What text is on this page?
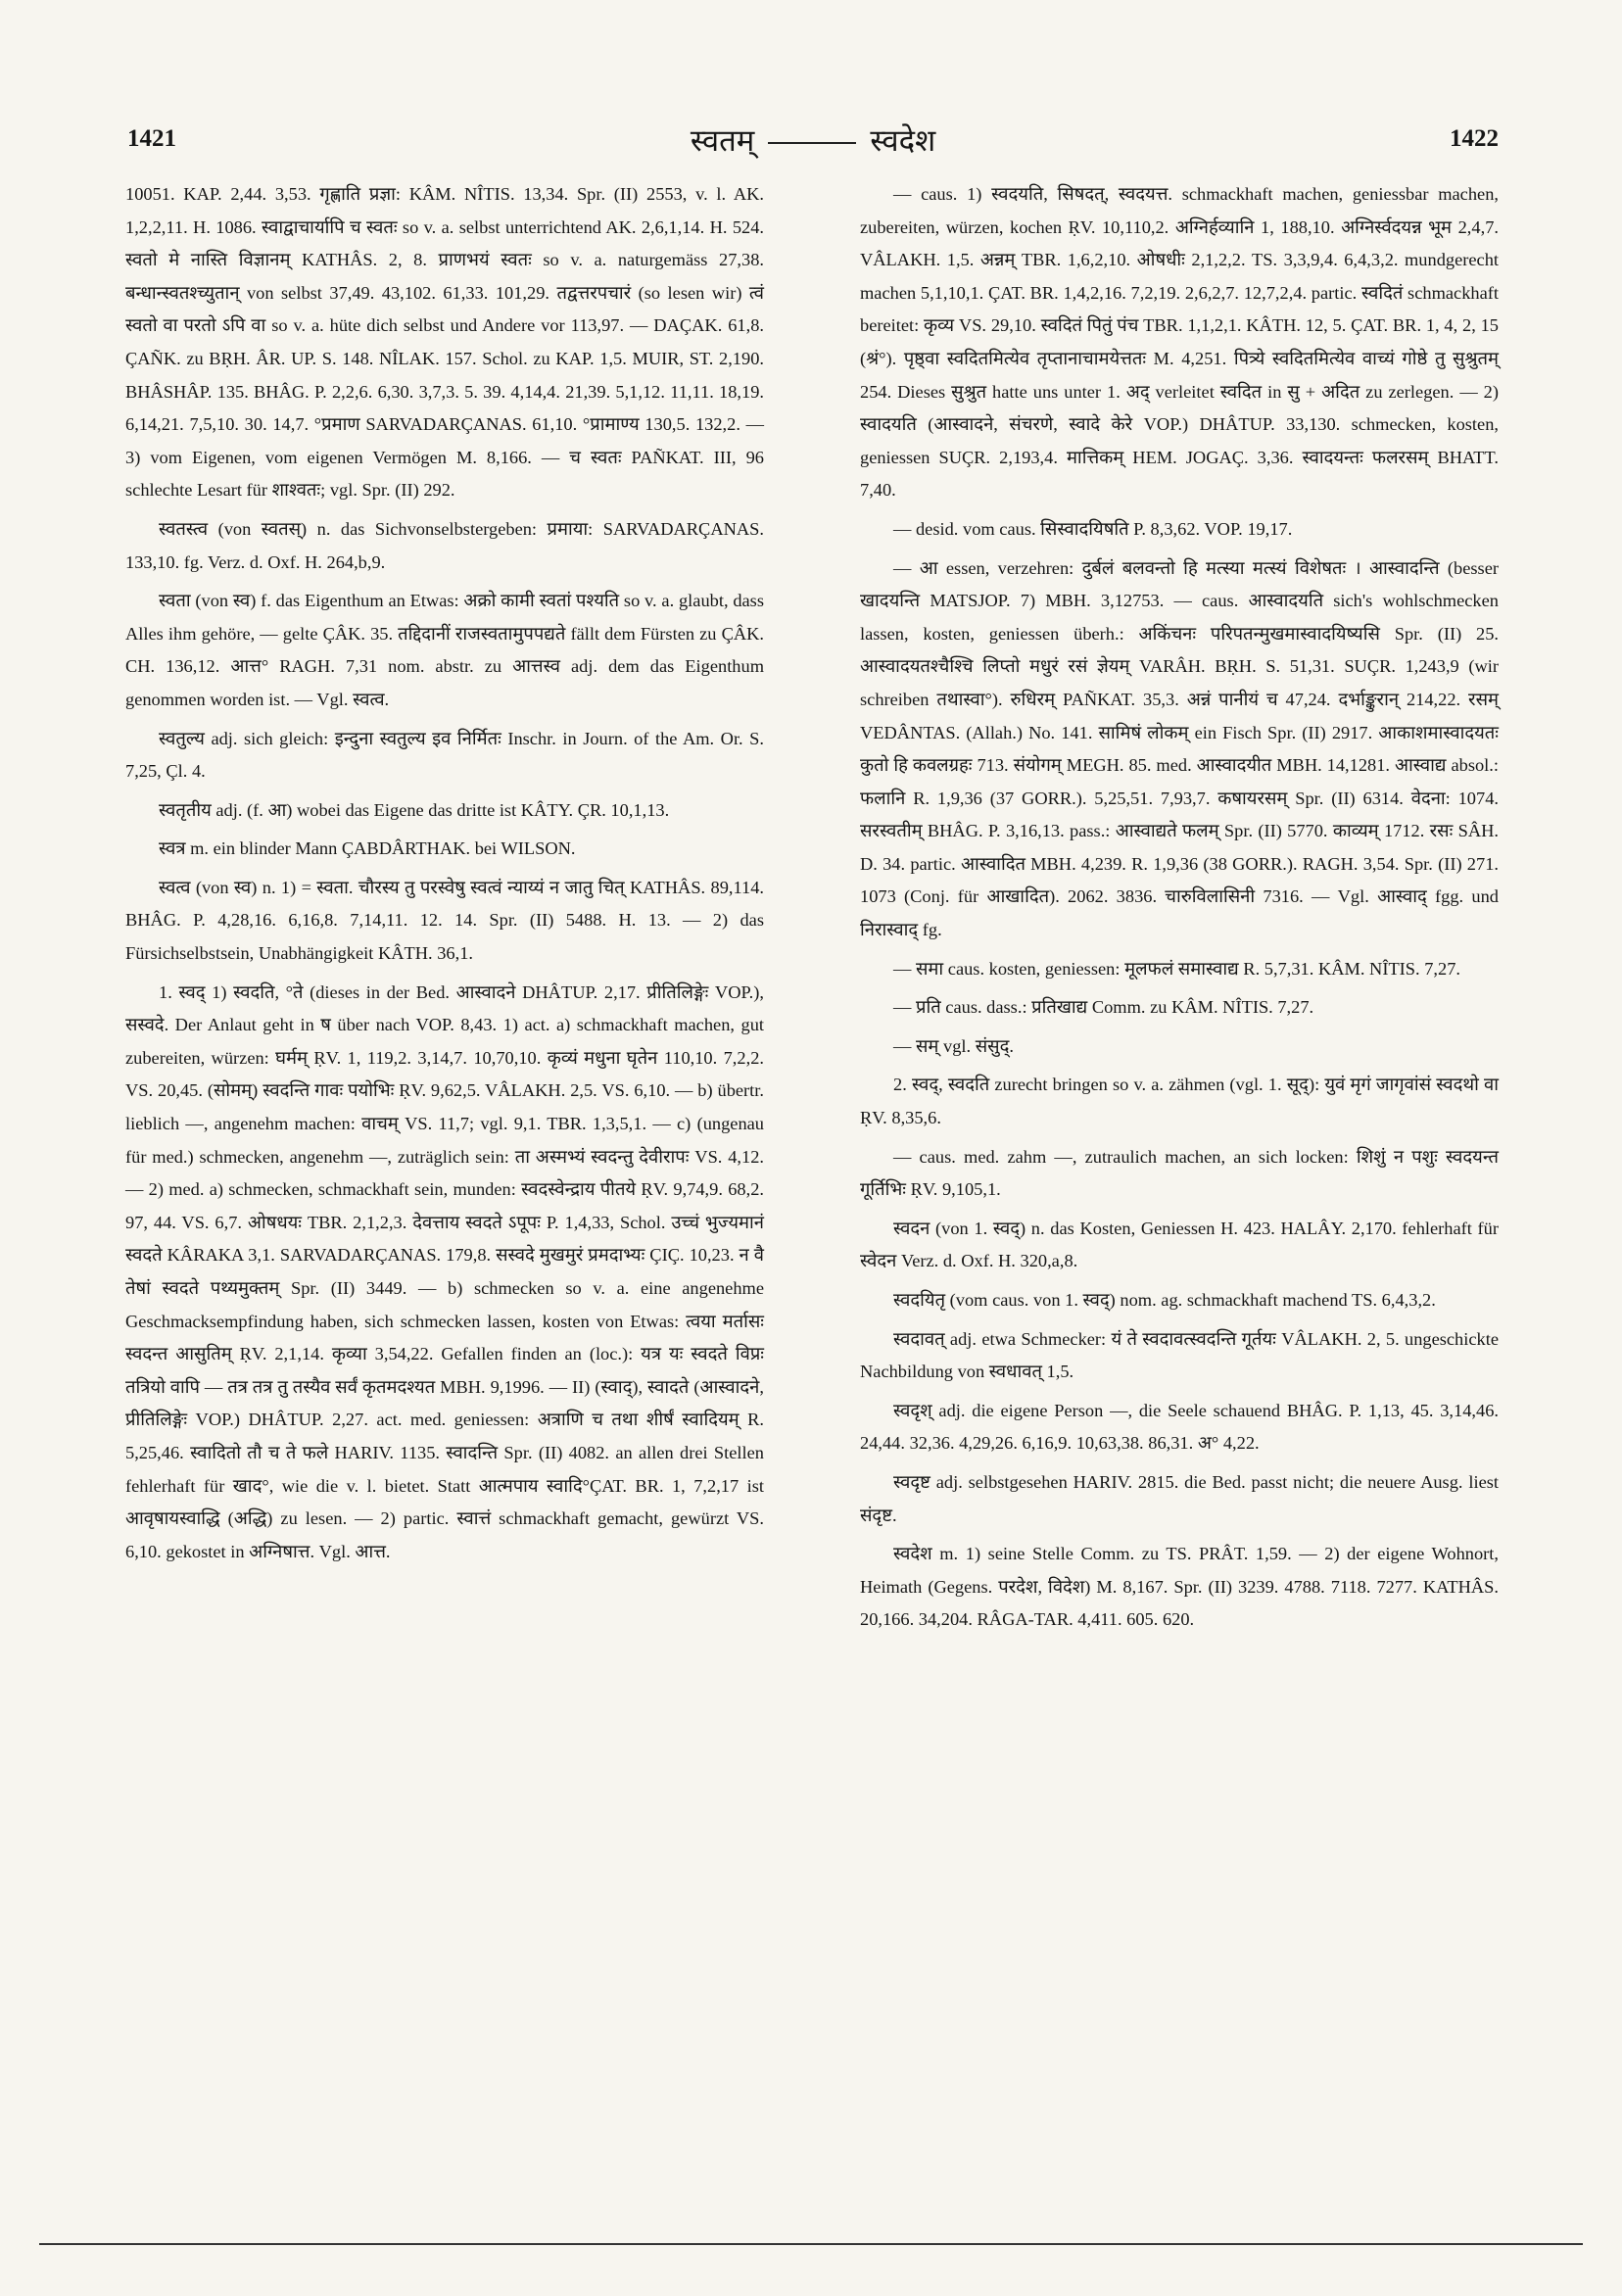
1421	स्वतम्	स्वदेश	1422

10051. KAP. 2,44. 3,53. गृह्णाति प्रज्ञा: KÂM. NÎTIS. 13,34. Spr. (II) 2553, v. l. AK. 1,2,2,11. H. 1086. स्वाद्वाचार्यापि च स्वतः so v. a. selbst unterrichtend AK. 2,6,1,14. H. 524. स्वतो मे नास्ति विज्ञानम् KATHÂS. 2, 8. प्राणभयं स्वतः so v. a. naturgemäss 27,38. बन्धान्स्वतश्च्युतान् von selbst 37,49. 43,102. 61,33. 101,29. तद्वत्तरपचारं (so lesen wir) त्वं स्वतो वा परतो ऽपि वा so v. a. hüte dich selbst und Andere vor 113,97. — DAÇAK. 61,8. ÇAÑK. zu BṚH. ÂR. UP. S. 148. NÎLAK. 157. Schol. zu KAP. 1,5. MUIR, ST. 2,190. BHÂSHÂP. 135. BHÂG. P. 2,2,6. 6,30. 3,7,3. 5. 39. 4,14,4. 21,39. 5,1,12. 11,11. 18,19. 6,14,21. 7,5,10. 30. 14,7. °प्रमाण SARVADARÇANAS. 61,10. °प्रामाण्य 130,5. 132,2. — 3) vom Eigenen, vom eigenen Vermögen M. 8,166. — च स्वतः PAÑKAT. III, 96 schlechte Lesart für शाश्वतः; vgl. Spr. (II) 292.

स्वतस्त्व (von स्वतस्) n. das Sichvonselbstergeben: प्रमाया: SARVADARÇANAS. 133,10. fg. Verz. d. Oxf. H. 264,b,9.

स्वता (von स्व) f. das Eigenthum an Etwas: अक्रो कामी स्वतां पश्यति so v. a. glaubt, dass Alles ihm gehöre, — gelte ÇÂK. 35. तद्दिदानीं राजस्वतामुपपद्यते fällt dem Fürsten zu ÇÂK. CH. 136,12. आत्त° RAGH. 7,31 nom. abstr. zu आत्तस्व adj. dem das Eigenthum genommen worden ist. — Vgl. स्वत्व.

स्वतुल्य adj. sich gleich: इन्दुना स्वतुल्य इव निर्मितः Inschr. in Journ. of the Am. Or. S. 7,25, Çl. 4.

स्वतृतीय adj. (f. आ) wobei das Eigene das dritte ist KÂTY. ÇR. 10,1,13.

स्वत्र m. ein blinder Mann ÇABDÂRTHAK. bei WILSON.

स्वत्व (von स्व) n. 1) = स्वता. चौरस्य तु परस्वेषु स्वत्वं न्याय्यं न जातु चित् KATHÂS. 89,114. BHÂG. P. 4,28,16. 6,16,8. 7,14,11. 12. 14. Spr. (II) 5488. H. 13. — 2) das Fürsichselbstsein, Unabhängigkeit KÂTH. 36,1.

1. स्वद् 1) स्वदति, °ते (dieses in der Bed. आस्वादने DHÂTUP. 2,17. प्रीतिलिङ्गेः VOP.), सस्वदे. Der Anlaut geht in ष über nach VOP. 8,43. 1) act. a) schmackhaft machen, gut zubereiten, würzen: घर्मम् ṚV. 1, 119,2. 3,14,7. 10,70,10. कृव्यं मधुना घृतेन 110,10. 7,2,2. VS. 20,45. (सोमम्) स्वदन्ति गावः पयोभिः ṚV. 9,62,5. VÂLAKH. 2,5. VS. 6,10. — b) übertr. lieblich —, angenehm machen: वाचम् VS. 11,7; vgl. 9,1. TBR. 1,3,5,1. — c) (ungenau für med.) schmecken, angenehm —, zuträglich sein: ता अस्मभ्यं स्वदन्तु देवीरापः VS. 4,12. — 2) med. a) schmecken, schmackhaft sein, munden: स्वदस्वेन्द्राय पीतये ṚV. 9,74,9. 68,2. 97, 44. VS. 6,7. ओषधयः TBR. 2,1,2,3. देवत्ताय स्वदते ऽपूपः P. 1,4,33, Schol. उच्चं भुज्यमानं स्वदते KÂRAKA 3,1. SARVADARÇANAS. 179,8. सस्वदे मुखमुरं प्रमदाभ्यः ÇIÇ. 10,23. न वै तेषां स्वदते पथ्यमुक्तम् Spr. (II) 3449. — b) schmecken so v. a. eine angenehme Geschmacksempfindung haben, sich schmecken lassen, kosten von Etwas: त्वया मर्तासः स्वदन्त आसुतिम् ṚV. 2,1,14. कृव्या 3,54,22. Gefallen finden an (loc.): यत्र यः स्वदते विप्रः तत्रियो वापि — तत्र तत्र तु तस्यैव सर्वं कृतमदश्यत MBH. 9,1996. — II) (स्वाद्), स्वादते (आस्वादने, प्रीतिलिङ्गेः VOP.) DHÂTUP. 2,27. act. med. geniessen: अत्राणि च तथा शीर्षं स्वादियम् R. 5,25,46. स्वादितो तौ च ते फले HARIV. 1135. स्वादन्ति Spr. (II) 4082. an allen drei Stellen fehlerhaft für खाद°, wie die v. l. bietet. Statt आत्मपाय स्वादि°ÇAT. BR. 1, 7,2,17 ist आवृषायस्वाद्धि (अद्धि) zu lesen. — 2) partic. स्वात्तं schmackhaft gemacht, gewürzt VS. 6,10. gekostet in अग्निषात्त. Vgl. आत्त.

— caus. 1) स्वदयति, सिषदत्, स्वदयत्त. schmackhaft machen, geniessbar machen, zubereiten, würzen, kochen ṚV. 10,110,2. अग्निर्हव्यानि 1, 188,10. अग्निर्स्वदयन्न भूम 2,4,7. VÂLAKH. 1,5. अन्नम् TBR. 1,6,2,10. ओषधीः 2,1,2,2. TS. 3,3,9,4. 6,4,3,2. mundgerecht machen 5,1,10,1. ÇAT. BR. 1,4,2,16. 7,2,19. 2,6,2,7. 12,7,2,4. partic. स्वदितं schmackhaft bereitet: कृव्य VS. 29,10. स्वदितं पितुं पंच TBR. 1,1,2,1. KÂTH. 12, 5. ÇAT. BR. 1, 4, 2, 15 (श्रं°). पृष्ठ्वा स्वदितमित्येव तृप्तानाचामयेत्ततः M. 4,251. पित्र्ये स्वदितमित्येव वाच्यं गोष्ठे तु सुश्रुतम् 254. Dieses सुश्रुत hatte uns unter 1. अद् verleitet स्वदित in सु + अदित zu zerlegen. — 2) स्वादयति (आस्वादने, संचरणे, स्वादे केरे VOP.) DHÂTUP. 33,130. schmecken, kosten, geniessen SUÇR. 2,193,4. मात्तिकम् HEM. JOGAÇ. 3,36. स्वादयन्तः फलरसम् BHATT. 7,40.

— desid. vom caus. सिस्वादयिषति P. 8,3,62. VOP. 19,17.

— आ essen, verzehren: दुर्बलं बलवन्तो हि मत्स्या मत्स्यं विशेषतः । आस्वादन्ति (besser खादयन्ति MATSJOP. 7) MBH. 3,12753. — caus. आस्वादयति sich's wohlschmecken lassen, kosten, geniessen überh.: अकिंचनः परिपतन्मुखमास्वादयिष्यसि Spr. (II) 25. आस्वादयतश्चैश्चि लिप्तो मधुरं रसं ज्ञेयम् VARÂH. BṚH. S. 51,31. SUÇR. 1,243,9 (wir schreiben तथास्वा°). रुधिरम् PAÑKAT. 35,3. अन्नं पानीयं च 47,24. दर्भाङ्कुरान् 214,22. रसम् VEDÂNTAS. (Allah.) No. 141. सामिषं लोकम् ein Fisch Spr. (II) 2917. आकाशमास्वादयतः कुतो हि कवलग्रहः 713. संयोगम् MEGH. 85. med. आस्वादयीत MBH. 14,1281. आस्वाद्य absol.: फलानि R. 1,9,36 (37 GORR.). 5,25,51. 7,93,7. कषायरसम् Spr. (II) 6314. वेदना: 1074. सरस्वतीम् BHÂG. P. 3,16,13. pass.: आस्वाद्यते फलम् Spr. (II) 5770. काव्यम् 1712. रसः SÂH. D. 34. partic. आस्वादित MBH. 4,239. R. 1,9,36 (38 GORR.). RAGH. 3,54. Spr. (II) 271. 1073 (Conj. für आखादित). 2062. 3836. चारुविलासिनी 7316. — Vgl. आस्वाद् fgg. und निरास्वाद् fg.

— समा caus. kosten, geniessen: मूलफलं समास्वाद्य R. 5,7,31. KÂM. NÎTIS. 7,27.

— प्रति caus. dass.: प्रतिखाद्य Comm. zu KÂM. NÎTIS. 7,27.

— सम् vgl. संसुद्.

2. स्वद्, स्वदति zurecht bringen so v. a. zähmen (vgl. 1. सूद्): युवं मृगं जागृवांसं स्वदथो वा ṚV. 8,35,6.

— caus. med. zahm —, zutraulich machen, an sich locken: शिशुं न पशुः स्वदयन्त गूर्तिभिः ṚV. 9,105,1.

स्वदन (von 1. स्वद्) n. das Kosten, Geniessen H. 423. HALÂY. 2,170. fehlerhaft für स्वेदन Verz. d. Oxf. H. 320,a,8.

स्वदयितृ (vom caus. von 1. स्वद्) nom. ag. schmackhaft machend TS. 6,4,3,2.

स्वदावत् adj. etwa Schmecker: यं ते स्वदावत्स्वदन्ति गूर्तयः VÂLAKH. 2, 5. ungeschickte Nachbildung von स्वधावत् 1,5.

स्वदृश् adj. die eigene Person —, die Seele schauend BHÂG. P. 1,13, 45. 3,14,46. 24,44. 32,36. 4,29,26. 6,16,9. 10,63,38. 86,31. अ° 4,22.

स्वदृष्ट adj. selbstgesehen HARIV. 2815. die Bed. passt nicht; die neuere Ausg. liest संदृष्ट.

स्वदेश m. 1) seine Stelle Comm. zu TS. PRÂT. 1,59. — 2) der eigene Wohnort, Heimath (Gegens. परदेश, विदेश) M. 8,167. Spr. (II) 3239. 4788. 7118. 7277. KATHÂS. 20,166. 34,204. RÂGA-TAR. 4,411. 605. 620.
